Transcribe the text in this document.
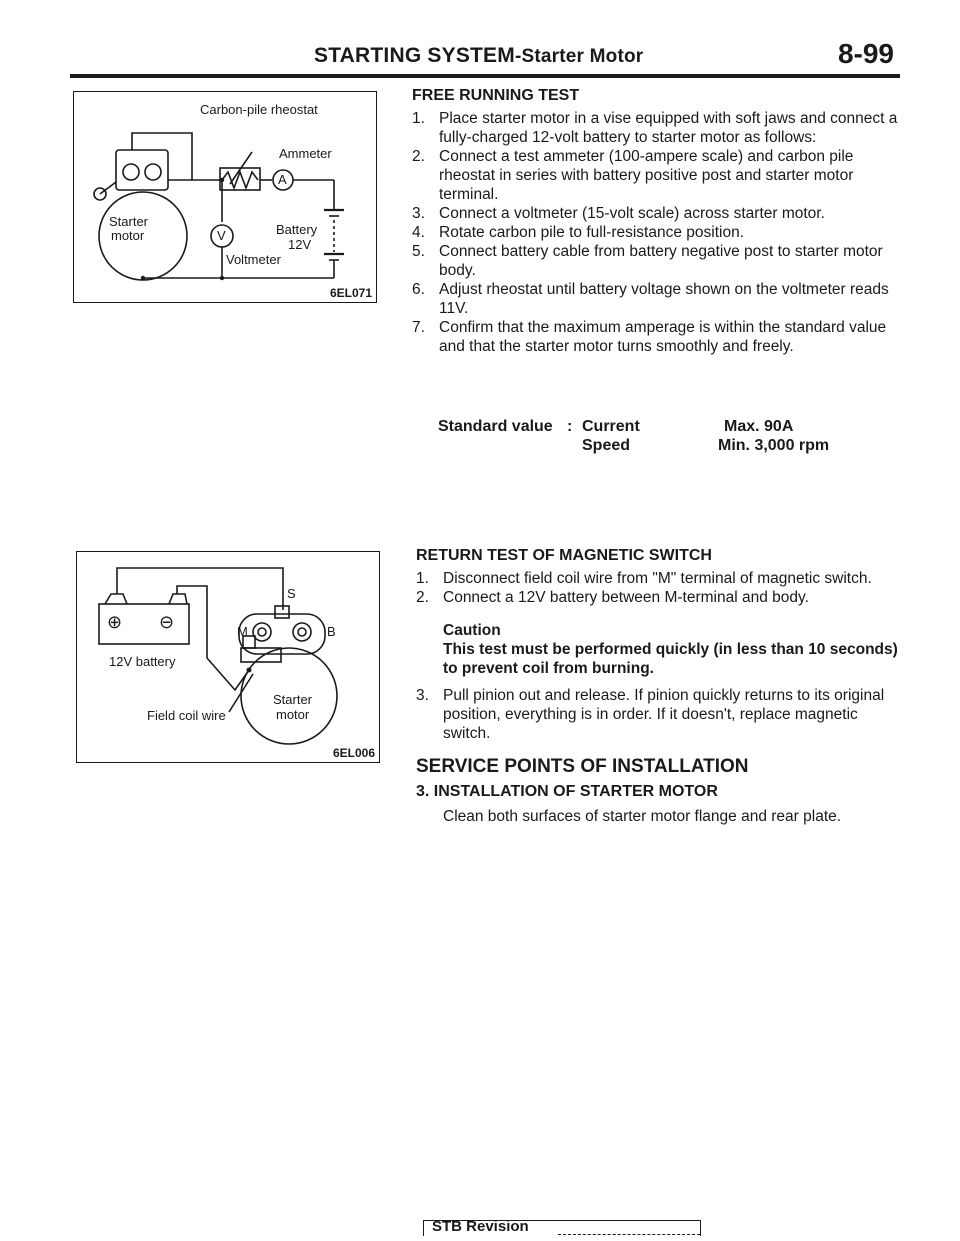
STARTING SYSTEM-Starter Motor	8-99
Carbon-pile rheostat
Ammeter
A
Starter
motor	Battery
12V
V
Voltmeter
6EL071
⊕ ⊖
12V battery
S
M	B
Field coil wire
Starter
motor
6EL006
FREE RUNNING TEST
1. Place starter motor in a vise equipped with soft jaws and connect a fully-charged 12-volt battery to starter motor as follows:
2. Connect a test ammeter (100-ampere scale) and carbon pile rheostat in series with battery positive post and starter motor terminal.
3. Connect a voltmeter (15-volt scale) across starter motor.
4. Rotate carbon pile to full-resistance position.
5. Connect battery cable from battery negative post to starter motor body.
6. Adjust rheostat until battery voltage shown on the voltmeter reads 11V.
7. Confirm that the maximum amperage is within the standard value and that the starter motor turns smoothly and freely.
Standard value : Current	Max. 90A
Speed	Min. 3,000 rpm
RETURN TEST OF MAGNETIC SWITCH
1. Disconnect field coil wire from "M" terminal of magnetic switch.
2. Connect a 12V battery between M-terminal and body.
Caution
This test must be performed quickly (in less than 10 seconds) to prevent coil from burning.
3. Pull pinion out and release. If pinion quickly returns to its original position, everything is in order. If it doesn't, replace magnetic switch.
SERVICE POINTS OF INSTALLATION
3. INSTALLATION OF STARTER MOTOR
Clean both surfaces of starter motor flange and rear plate.
STB Revision
